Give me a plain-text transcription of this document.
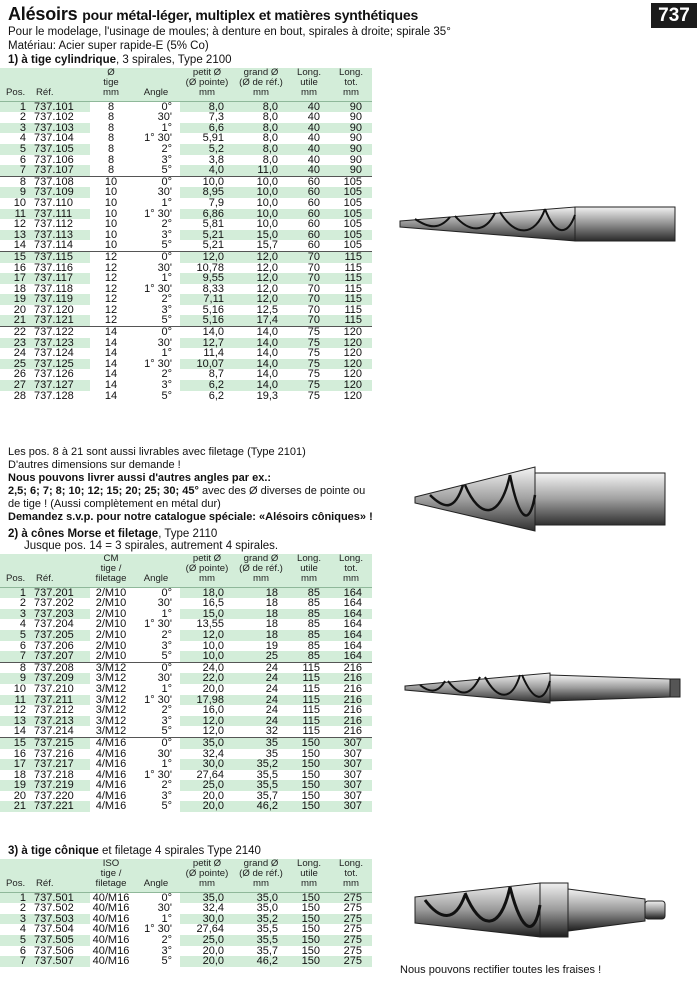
Alésoirs pour métal-léger, multiplex et matières synthétiques	737
Pour le modelage, l'usinage de moules; à denture en bout, spirales à droite; spirale 35°
Matériau: Acier super rapide-E (5% Co)
1) à tige cylindrique, 3 spirales, Type 2100
Pos.	Réf.	Ø
tige
mm	Angle	petit Ø
(Ø pointe)
mm	grand Ø
(Ø de réf.)
mm	Long.
utile
mm	Long.
tot.
mm
1	737.101	8	0°	8,0	8,0	40	90
2	737.102	8	30'	7,3	8,0	40	90
3	737.103	8	1°	6,6	8,0	40	90
4	737.104	8	1° 30'	5,91	8,0	40	90
5	737.105	8	2°	5,2	8,0	40	90
6	737.106	8	3°	3,8	8,0	40	90
7	737.107	8	5°	4,0	11,0	40	90
8	737.108	10	0°	10,0	10,0	60	105
9	737.109	10	30'	8,95	10,0	60	105
10	737.110	10	1°	7,9	10,0	60	105
11	737.111	10	1° 30'	6,86	10,0	60	105
12	737.112	10	2°	5,81	10,0	60	105
13	737.113	10	3°	5,21	15,0	60	105
14	737.114	10	5°	5,21	15,7	60	105
15	737.115	12	0°	12,0	12,0	70	115
16	737.116	12	30'	10,78	12,0	70	115
17	737.117	12	1°	9,55	12,0	70	115
18	737.118	12	1° 30'	8,33	12,0	70	115
19	737.119	12	2°	7,11	12,0	70	115
20	737.120	12	3°	5,16	12,5	70	115
21	737.121	12	5°	5,16	17,4	70	115
22	737.122	14	0°	14,0	14,0	75	120
23	737.123	14	30'	12,7	14,0	75	120
24	737.124	14	1°	11,4	14,0	75	120
25	737.125	14	1° 30'	10,07	14,0	75	120
26	737.126	14	2°	8,7	14,0	75	120
27	737.127	14	3°	6,2	14,0	75	120
28	737.128	14	5°	6,2	19,3	75	120
Les pos. 8 à 21 sont aussi livrables avec filetage (Type 2101)
D'autres dimensions sur demande !
Nous pouvons livrer aussi d'autres angles par ex.:
2,5; 6; 7; 8; 10; 12; 15; 20; 25; 30; 45° avec des Ø diverses de pointe ou
de tige ! (Aussi complètement en métal dur)
Demandez s.v.p. pour notre catalogue spéciale: «Alésoirs côniques» !
2) à cônes Morse et filetage, Type 2110
Jusque pos. 14 = 3 spirales, autrement 4 spirales.
Pos.	Réf.	CM
tige /
filetage	Angle	petit Ø
(Ø pointe)
mm	grand Ø
(Ø de réf.)
mm	Long.
utile
mm	Long.
tot.
mm
1	737.201	2/M10	0°	18,0	18	85	164
2	737.202	2/M10	30'	16,5	18	85	164
3	737.203	2/M10	1°	15,0	18	85	164
4	737.204	2/M10	1° 30'	13,55	18	85	164
5	737.205	2/M10	2°	12,0	18	85	164
6	737.206	2/M10	3°	10,0	19	85	164
7	737.207	2/M10	5°	10,0	25	85	164
8	737.208	3/M12	0°	24,0	24	115	216
9	737.209	3/M12	30'	22,0	24	115	216
10	737.210	3/M12	1°	20,0	24	115	216
11	737.211	3/M12	1° 30'	17,98	24	115	216
12	737.212	3/M12	2°	16,0	24	115	216
13	737.213	3/M12	3°	12,0	24	115	216
14	737.214	3/M12	5°	12,0	32	115	216
15	737.215	4/M16	0°	35,0	35	150	307
16	737.216	4/M16	30'	32,4	35	150	307
17	737.217	4/M16	1°	30,0	35,2	150	307
18	737.218	4/M16	1° 30'	27,64	35,5	150	307
19	737.219	4/M16	2°	25,0	35,5	150	307
20	737.220	4/M16	3°	20,0	35,7	150	307
21	737.221	4/M16	5°	20,0	46,2	150	307
3) à tige cônique et filetage 4 spirales Type 2140
Pos.	Réf.	ISO
tige /
filetage	Angle	petit Ø
(Ø pointe)
mm	grand Ø
(Ø de réf.)
mm	Long.
utile
mm	Long.
tot.
mm
1	737.501	40/M16	0°	35,0	35,0	150	275
2	737.502	40/M16	30'	32,4	35,0	150	275
3	737.503	40/M16	1°	30,0	35,2	150	275
4	737.504	40/M16	1° 30'	27,64	35,5	150	275
5	737.505	40/M16	2°	25,0	35,5	150	275
6	737.506	40/M16	3°	20,0	35,7	150	275
7	737.507	40/M16	5°	20,0	46,2	150	275
Nous pouvons rectifier toutes les fraises !
